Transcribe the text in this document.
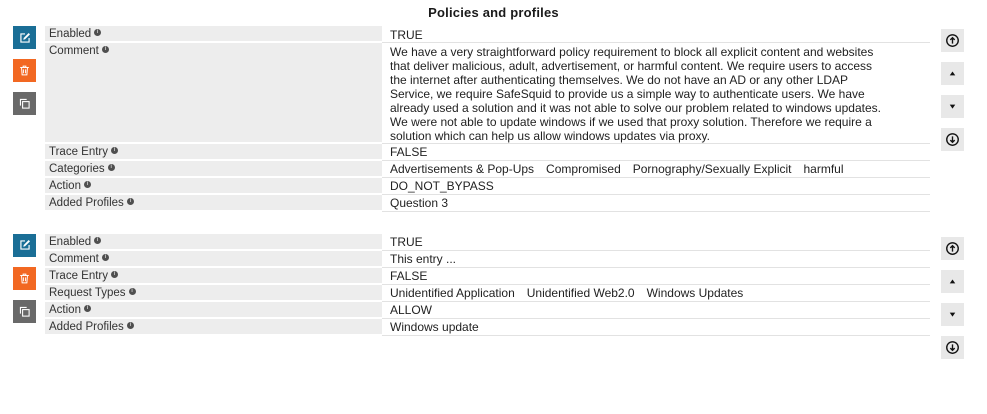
Policies and profiles
Enabled i	TRUE
Comment i	We have a very straightforward policy requirement to block all explicit content and websites that deliver malicious, adult, advertisement, or harmful content. We require users to access the internet after authenticating themselves. We do not have an AD or any other LDAP Service, we require SafeSquid to provide us a simple way to authenticate users. We have already used a solution and it was not able to solve our problem related to windows updates. We were not able to update windows if we used that proxy solution. Therefore we require a solution which can help us allow windows updates via proxy.
Trace Entry i	FALSE
Categories i	Advertisements & Pop-Ups  Compromised  Pornography/Sexually Explicit  harmful
Action i	DO_NOT_BYPASS
Added Profiles i	Question 3
Enabled i	TRUE
Comment i	This entry ...
Trace Entry i	FALSE
Request Types i	Unidentified Application  Unidentified Web2.0  Windows Updates
Action i	ALLOW
Added Profiles i	Windows update
